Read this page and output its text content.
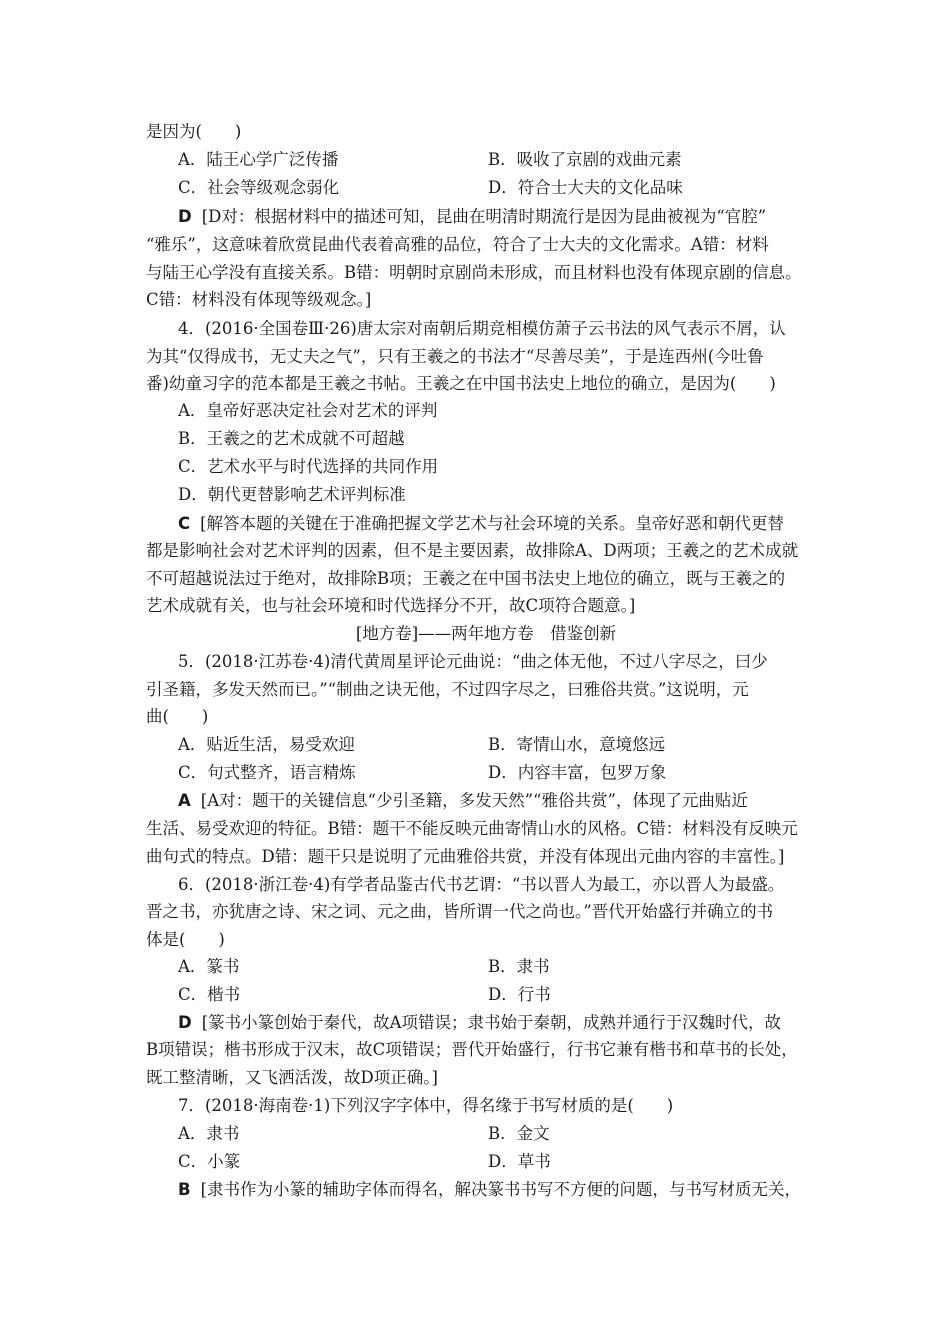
是因为(　　)
A．陆王心学广泛传播	B．吸收了京剧的戏曲元素
C．社会等级观念弱化	D．符合士大夫的文化品味
D [D对：根据材料中的描述可知，昆曲在明清时期流行是因为昆曲被视为“官腔”
“雅乐”，这意味着欣赏昆曲代表着高雅的品位，符合了士大夫的文化需求。A错：材料
与陆王心学没有直接关系。B错：明朝时京剧尚未形成，而且材料也没有体现京剧的信息。
C错：材料没有体现等级观念。]
4．(2016·全国卷Ⅲ·26)唐太宗对南朝后期竞相模仿萧子云书法的风气表示不屑，认
为其“仅得成书，无丈夫之气”，只有王羲之的书法才“尽善尽美”，于是连西州(今吐鲁
番)幼童习字的范本都是王羲之书帖。王羲之在中国书法史上地位的确立，是因为(　　)
A．皇帝好恶决定社会对艺术的评判
B．王羲之的艺术成就不可超越
C．艺术水平与时代选择的共同作用
D．朝代更替影响艺术评判标准
C [解答本题的关键在于准确把握文学艺术与社会环境的关系。皇帝好恶和朝代更替
都是影响社会对艺术评判的因素，但不是主要因素，故排除A、D两项；王羲之的艺术成就
不可超越说法过于绝对，故排除B项；王羲之在中国书法史上地位的确立，既与王羲之的
艺术成就有关，也与社会环境和时代选择分不开，故C项符合题意。]
[地方卷]——两年地方卷　借鉴创新
5．(2018·江苏卷·4)清代黄周星评论元曲说：“曲之体无他，不过八字尽之，曰少
引圣籍，多发天然而已。”“制曲之诀无他，不过四字尽之，曰雅俗共赏。”这说明，元
曲(　　)
A．贴近生活，易受欢迎	B．寄情山水，意境悠远
C．句式整齐，语言精炼	D．内容丰富，包罗万象
A [A对：题干的关键信息“少引圣籍，多发天然”“雅俗共赏”，体现了元曲贴近
生活、易受欢迎的特征。B错：题干不能反映元曲寄情山水的风格。C错：材料没有反映元
曲句式的特点。D错：题干只是说明了元曲雅俗共赏，并没有体现出元曲内容的丰富性。]
6．(2018·浙江卷·4)有学者品鉴古代书艺谓：“书以晋人为最工，亦以晋人为最盛。
晋之书，亦犹唐之诗、宋之词、元之曲，皆所谓一代之尚也。”晋代开始盛行并确立的书
体是(　　)
A．篆书	B．隶书
C．楷书	D．行书
D [篆书小篆创始于秦代，故A项错误；隶书始于秦朝，成熟并通行于汉魏时代，故
B项错误；楷书形成于汉末，故C项错误；晋代开始盛行，行书它兼有楷书和草书的长处，
既工整清晰，又飞洒活泼，故D项正确。]
7．(2018·海南卷·1)下列汉字字体中，得名缘于书写材质的是(　　)
A．隶书	B．金文
C．小篆	D．草书
B [隶书作为小篆的辅助字体而得名，解决篆书书写不方便的问题，与书写材质无关，
